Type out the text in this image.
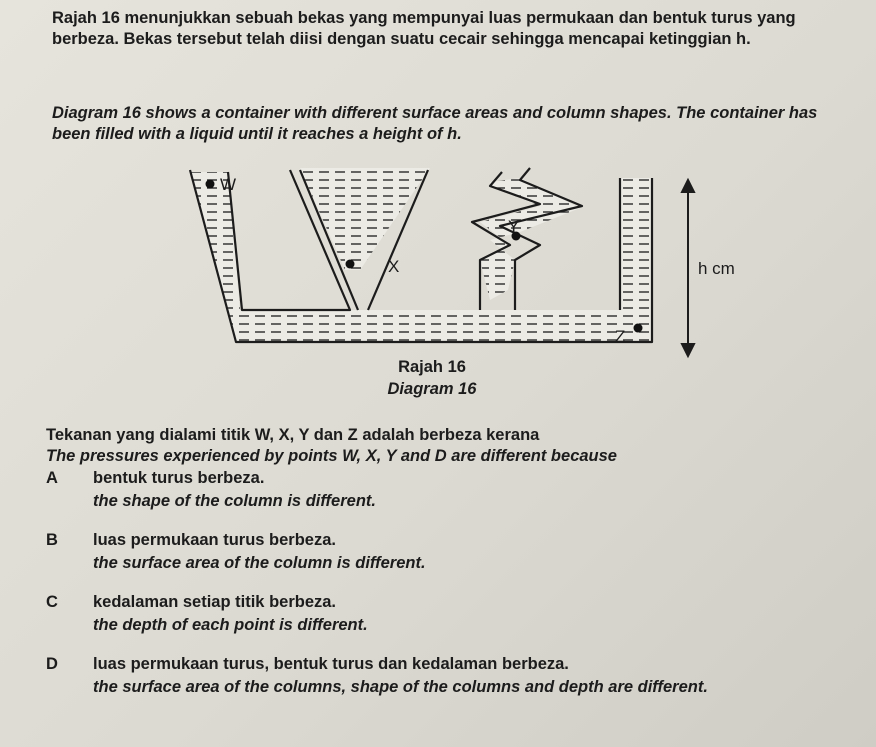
Rajah 16 menunjukkan sebuah bekas yang mempunyai luas permukaan dan bentuk turus yang berbeza. Bekas tersebut telah diisi dengan suatu cecair sehingga mencapai ketinggian h.
Diagram 16 shows a container with different surface areas and column shapes. The container has been filled with a liquid until it reaches a height of h.
W
X
Y
Z
h cm
Rajah 16
Diagram 16
Tekanan yang dialami titik W, X, Y dan Z adalah berbeza kerana
The pressures experienced by points W, X, Y and D are different because
A bentuk turus berbeza.
the shape of the column is different.
B luas permukaan turus berbeza.
the surface area of the column is different.
C kedalaman setiap titik berbeza.
the depth of each point is different.
D luas permukaan turus, bentuk turus dan kedalaman berbeza.
the surface area of the columns, shape of the columns and depth are different.
